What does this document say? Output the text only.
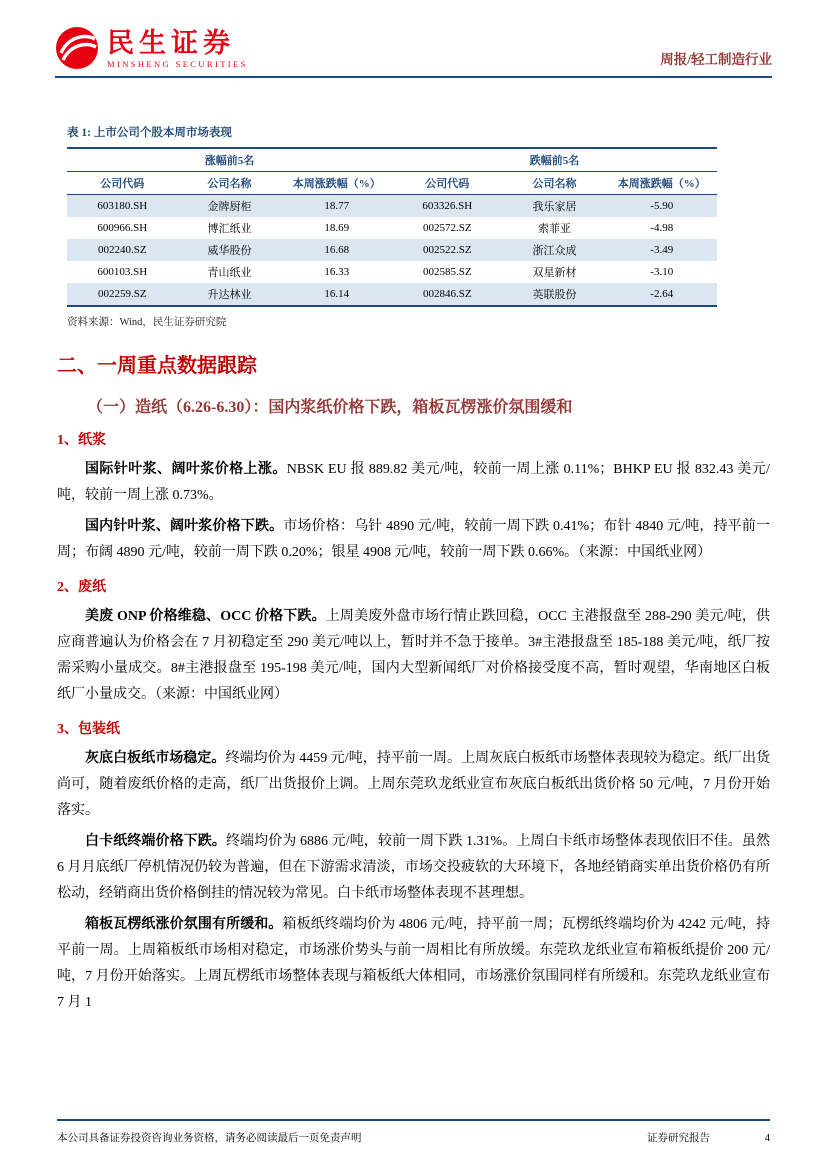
民生证券
MINSHENG SECURITIES	周报/轻工制造行业
表 1: 上市公司个股本周市场表现
涨幅前5名			跌幅前5名		
公司代码	公司名称	本周涨跌幅（%）	公司代码	公司名称	本周涨跌幅（%）
603180.SH	金牌厨柜	18.77	603326.SH	我乐家居	-5.90
600966.SH	博汇纸业	18.69	002572.SZ	索菲亚	-4.98
002240.SZ	威华股份	16.68	002522.SZ	浙江众成	-3.49
600103.SH	青山纸业	16.33	002585.SZ	双星新材	-3.10
002259.SZ	升达林业	16.14	002846.SZ	英联股份	-2.64
资料来源：Wind，民生证券研究院
二、一周重点数据跟踪
（一）造纸（6.26-6.30）：国内浆纸价格下跌，箱板瓦楞涨价氛围缓和
1、纸浆

国际针叶浆、阔叶浆价格上涨。NBSK EU 报 889.82 美元/吨，较前一周上涨 0.11%；BHKP EU 报 832.43 美元/吨，较前一周上涨 0.73%。

国内针叶浆、阔叶浆价格下跌。市场价格：乌针 4890 元/吨，较前一周下跌 0.41%；布针 4840 元/吨，持平前一周；布阔 4890 元/吨，较前一周下跌 0.20%；银星 4908 元/吨，较前一周下跌 0.66%。（来源：中国纸业网）

2、废纸

美废 ONP 价格维稳、OCC 价格下跌。上周美废外盘市场行情止跌回稳，OCC 主港报盘至 288-290 美元/吨，供应商普遍认为价格会在 7 月初稳定至 290 美元/吨以上，暂时并不急于接单。3#主港报盘至 185-188 美元/吨，纸厂按需采购小量成交。8#主港报盘至 195-198 美元/吨，国内大型新闻纸厂对价格接受度不高，暂时观望，华南地区白板纸厂小量成交。（来源：中国纸业网）

3、包装纸

灰底白板纸市场稳定。终端均价为 4459 元/吨，持平前一周。上周灰底白板纸市场整体表现较为稳定。纸厂出货尚可，随着废纸价格的走高，纸厂出货报价上调。上周东莞玖龙纸业宣布灰底白板纸出货价格 50 元/吨，7 月份开始落实。

白卡纸终端价格下跌。终端均价为 6886 元/吨，较前一周下跌 1.31%。上周白卡纸市场整体表现依旧不佳。虽然 6 月月底纸厂停机情况仍较为普遍，但在下游需求清淡，市场交投疲软的大环境下，各地经销商实单出货价格仍有所松动，经销商出货价格倒挂的情况较为常见。白卡纸市场整体表现不甚理想。

箱板瓦楞纸涨价氛围有所缓和。箱板纸终端均价为 4806 元/吨，持平前一周；瓦楞纸终端均价为 4242 元/吨，持平前一周。上周箱板纸市场相对稳定，市场涨价势头与前一周相比有所放缓。东莞玖龙纸业宣布箱板纸提价 200 元/吨，7 月份开始落实。上周瓦楞纸市场整体表现与箱板纸大体相同，市场涨价氛围同样有所缓和。东莞玖龙纸业宣布 7 月 1

本公司具备证券投资咨询业务资格，请务必阅读最后一页免责声明	证券研究报告	4
